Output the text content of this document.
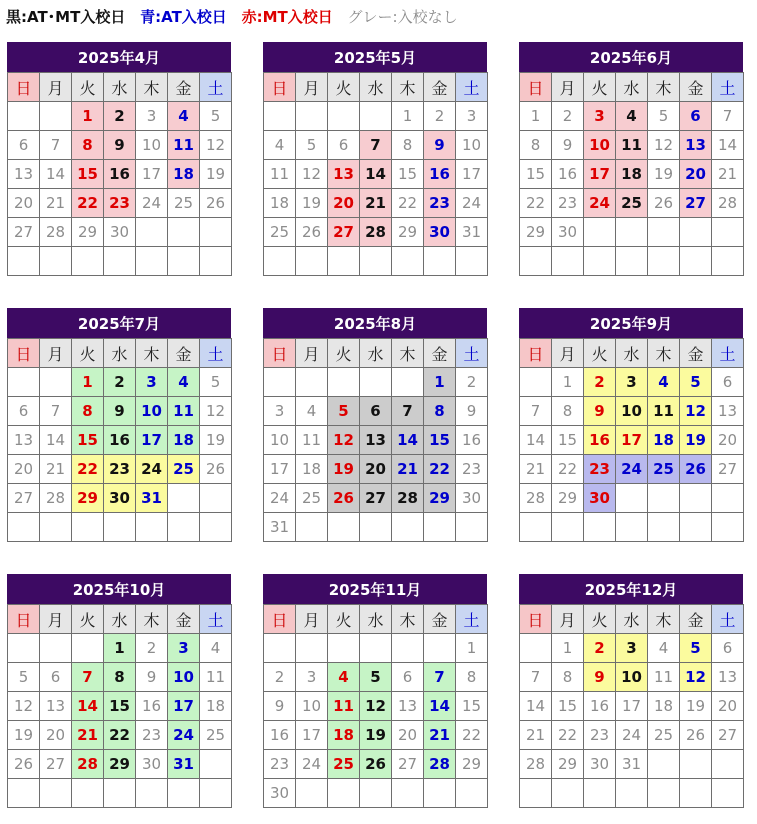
黒:AT･MT入校日 青:AT入校日 赤:MT入校日 グレー:入校なし
2025年4月
日	月	火	水	木	金	土
		1	2	3	4	5
6	7	8	9	10	11	12
13	14	15	16	17	18	19
20	21	22	23	24	25	26
27	28	29	30			

2025年5月
日	月	火	水	木	金	土
				1	2	3
4	5	6	7	8	9	10
11	12	13	14	15	16	17
18	19	20	21	22	23	24
25	26	27	28	29	30	31

2025年6月
日	月	火	水	木	金	土
1	2	3	4	5	6	7
8	9	10	11	12	13	14
15	16	17	18	19	20	21
22	23	24	25	26	27	28
29	30					

2025年7月
日	月	火	水	木	金	土
		1	2	3	4	5
6	7	8	9	10	11	12
13	14	15	16	17	18	19
20	21	22	23	24	25	26
27	28	29	30	31		

2025年8月
日	月	火	水	木	金	土
					1	2
3	4	5	6	7	8	9
10	11	12	13	14	15	16
17	18	19	20	21	22	23
24	25	26	27	28	29	30
31						
2025年9月
日	月	火	水	木	金	土
	1	2	3	4	5	6
7	8	9	10	11	12	13
14	15	16	17	18	19	20
21	22	23	24	25	26	27
28	29	30				

2025年10月
日	月	火	水	木	金	土
			1	2	3	4
5	6	7	8	9	10	11
12	13	14	15	16	17	18
19	20	21	22	23	24	25
26	27	28	29	30	31	

2025年11月
日	月	火	水	木	金	土
						1
2	3	4	5	6	7	8
9	10	11	12	13	14	15
16	17	18	19	20	21	22
23	24	25	26	27	28	29
30						
2025年12月
日	月	火	水	木	金	土
	1	2	3	4	5	6
7	8	9	10	11	12	13
14	15	16	17	18	19	20
21	22	23	24	25	26	27
28	29	30	31			
